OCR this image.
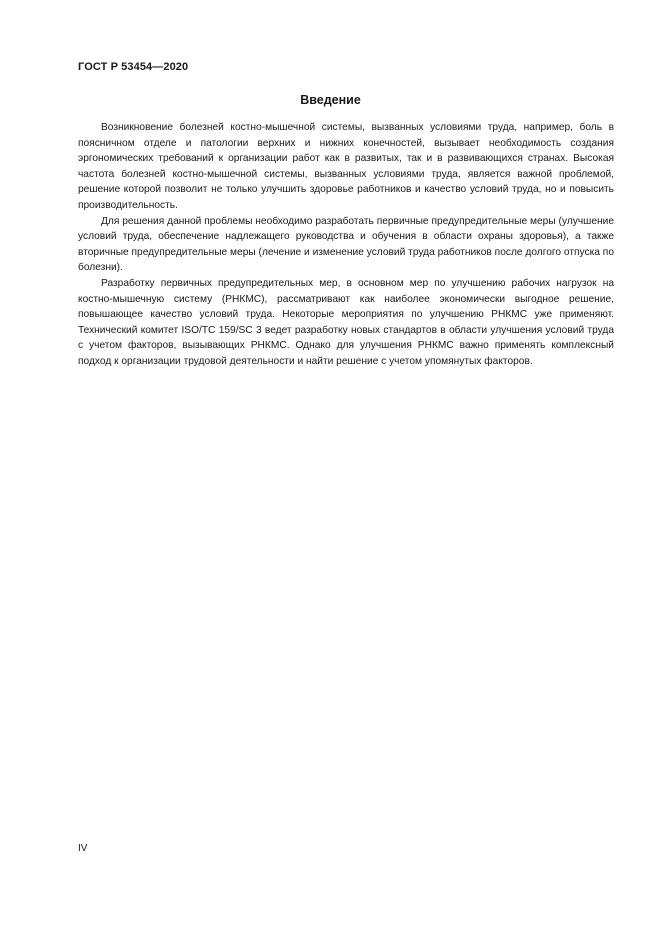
ГОСТ Р 53454—2020
Введение

Возникновение болезней костно-мышечной системы, вызванных условиями труда, например, боль в поясничном отделе и патологии верхних и нижних конечностей, вызывает необходимость создания эргономических требований к организации работ как в развитых, так и в развивающихся странах. Высокая частота болезней костно-мышечной системы, вызванных условиями труда, является важной проблемой, решение которой позволит не только улучшить здоровье работников и качество условий труда, но и повысить производительность.

Для решения данной проблемы необходимо разработать первичные предупредительные меры (улучшение условий труда, обеспечение надлежащего руководства и обучения в области охраны здоровья), а также вторичные предупредительные меры (лечение и изменение условий труда работников после долгого отпуска по болезни).

Разработку первичных предупредительных мер, в основном мер по улучшению рабочих нагрузок на костно-мышечную систему (РНКМС), рассматривают как наиболее экономически выгодное решение, повышающее качество условий труда. Некоторые мероприятия по улучшению РНКМС уже применяют. Технический комитет ISO/TC 159/SC 3 ведет разработку новых стандартов в области улучшения условий труда с учетом факторов, вызывающих РНКМС. Однако для улучшения РНКМС важно применять комплексный подход к организации трудовой деятельности и найти решение с учетом упомянутых факторов.

IV
